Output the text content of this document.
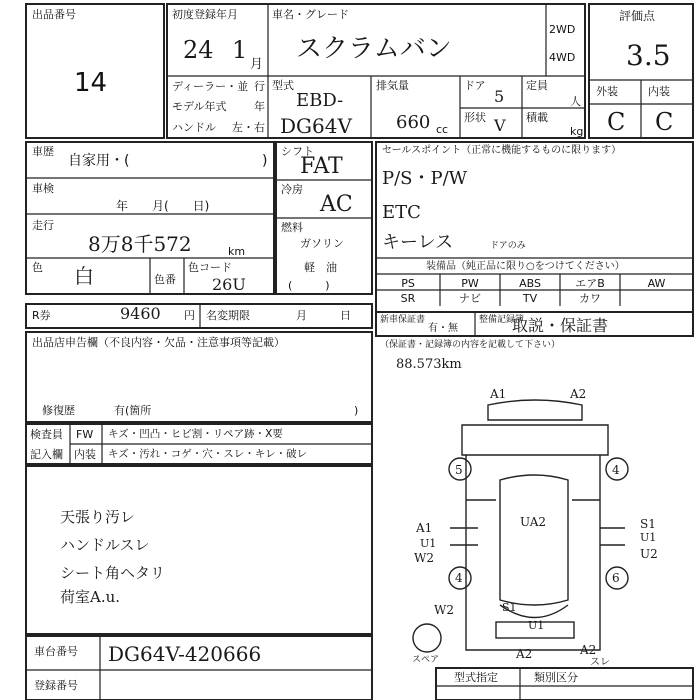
出品番号
14
初度登録年月
24 1
月
車名・グレード
スクラムバン
2WD
4WD
評価点
3.5
外装	内装
C C
ディーラー・並 行
モデル年式	年
ハンドル 左・右
型式
EBD-
DG64V
排気量
660 cc
ドア
5
形状 V
定員
人
積載
kg
車歴
自家用・(	)
車検
年　　月(　　日)
走行
8万8千572	km
色 白	色番
色コード
26U
シフト
FAT
冷房
AC
燃料
ガソリン
軽　油
(　　　)
セールスポイント（正常に機能するものに限ります）
P/S・P/W
ETC
キーレス	ドアのみ
装備品（純正品に限り○をつけてください）
PS	PW	ABS	エアB	AW
SR	ナビ	TV	カワ
R券	9460 円 名変期限	月　　　日	新車保証書
有・無
整備記録簿
取説・保証書
（保証書・記録簿の内容を記載して下さい）
88.573km
出品店申告欄（不良内容・欠品・注意事項等記載）
修復歴	有(箇所	)
検査員
記入欄
FW キズ・凹凸・ヒビ割・リペア跡・X要
内装 キズ・汚れ・コゲ・穴・スレ・キレ・破レ
天張り汚レ
ハンドルスレ
シート角ヘタリ
荷室A.u.
A1	A2
5	4
A1
U1
W2
UA2	S1
U1
U2
4	6
W2	S1
U1
A2	A2
スレ
スペア
車台番号 DG64V-420666
登録番号
型式指定	類別区分
